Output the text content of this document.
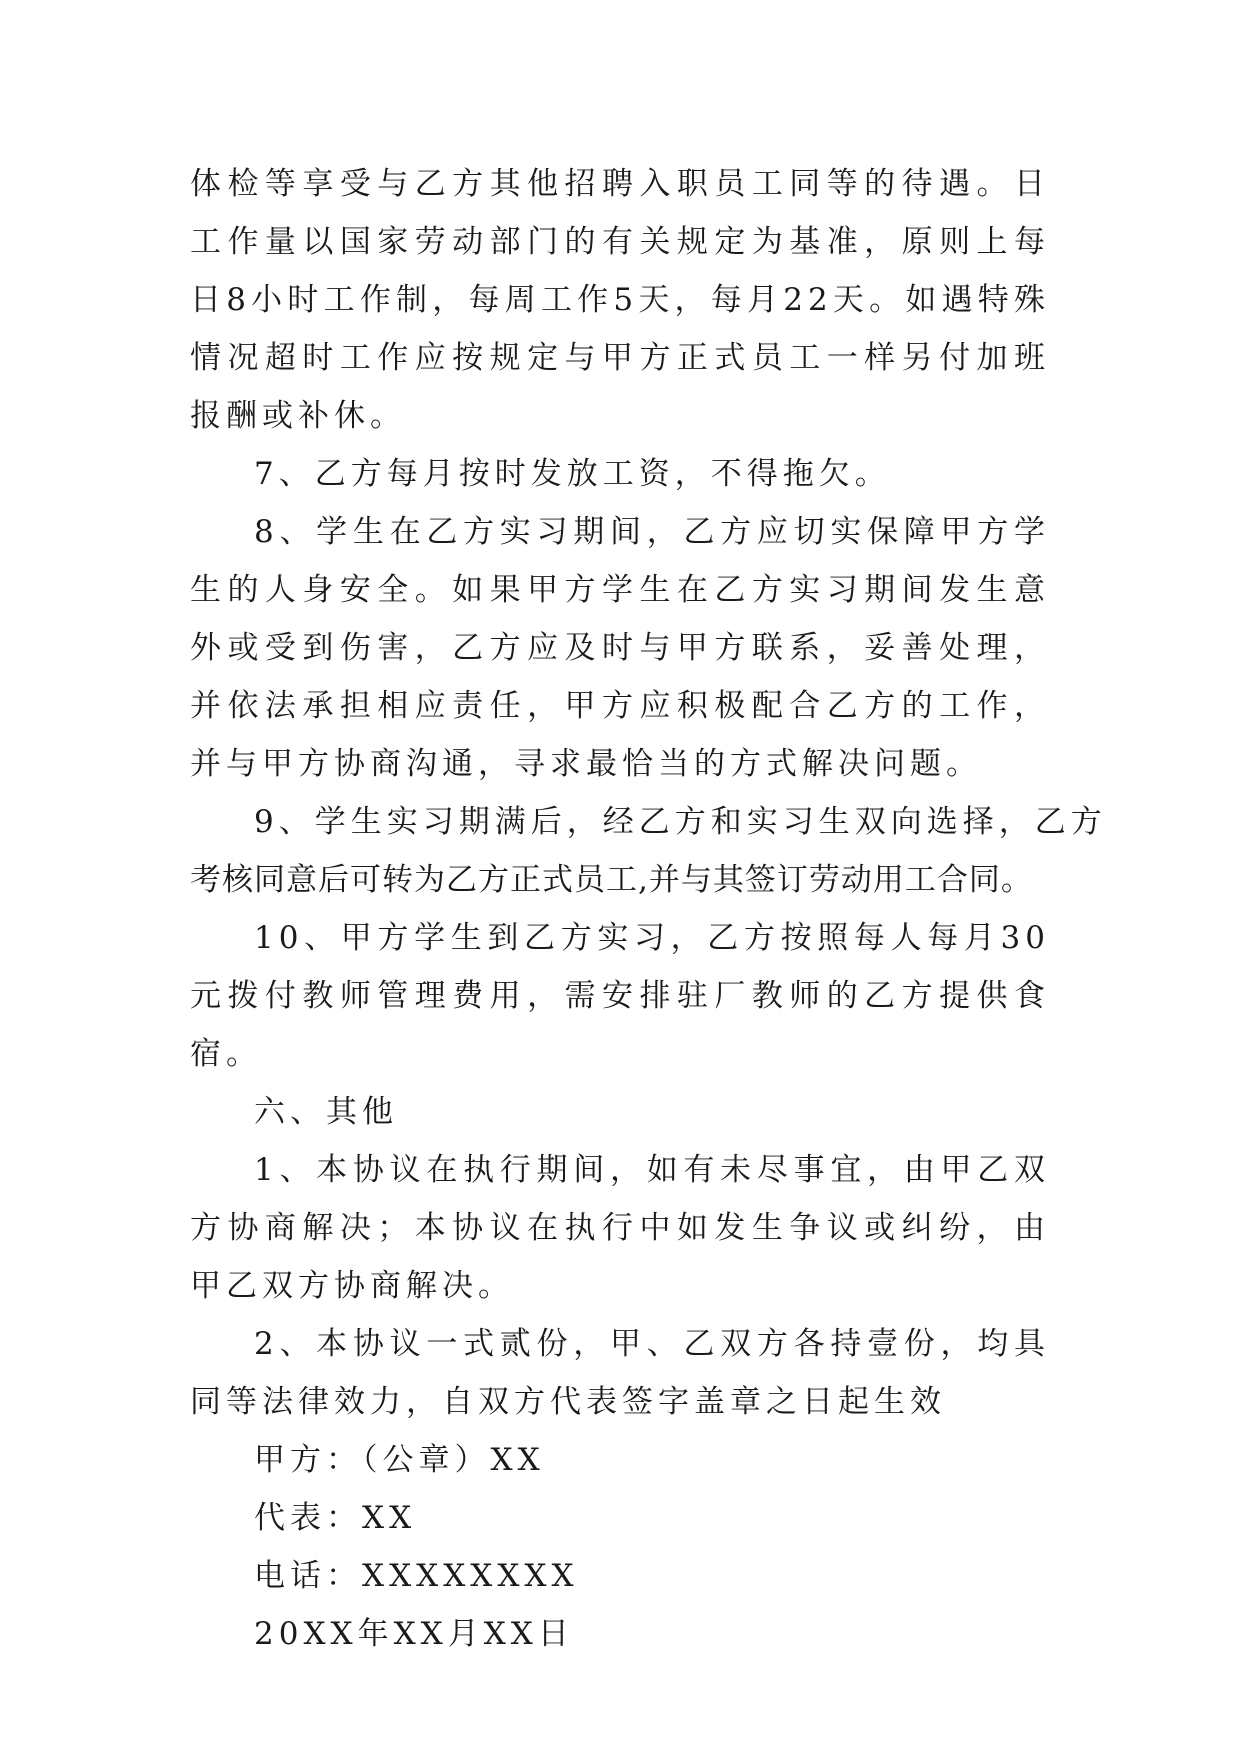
体检等享受与乙方其他招聘入职员工同等的待遇。日工作量以国家劳动部门的有关规定为基准，原则上每日8小时工作制，每周工作5天，每月22天。如遇特殊情况超时工作应按规定与甲方正式员工一样另付加班报酬或补休。

7、乙方每月按时发放工资，不得拖欠。

8、学生在乙方实习期间，乙方应切实保障甲方学生的人身安全。如果甲方学生在乙方实习期间发生意外或受到伤害，乙方应及时与甲方联系，妥善处理，并依法承担相应责任，甲方应积极配合乙方的工作，并与甲方协商沟通，寻求最恰当的方式解决问题。

9、学生实习期满后，经乙方和实习生双向选择，乙方

考核同意后可转为乙方正式员工,并与其签订劳动用工合同。

10、甲方学生到乙方实习，乙方按照每人每月30元拨付教师管理费用，需安排驻厂教师的乙方提供食宿。

六、其他

1、本协议在执行期间，如有未尽事宜，由甲乙双方协商解决；本协议在执行中如发生争议或纠纷，由甲乙双方协商解决。

2、本协议一式贰份，甲、乙双方各持壹份，均具同等法律效力，自双方代表签字盖章之日起生效

甲方：（公章）XX

代表：XX

电话：XXXXXXXX

20XX年XX月XX日
